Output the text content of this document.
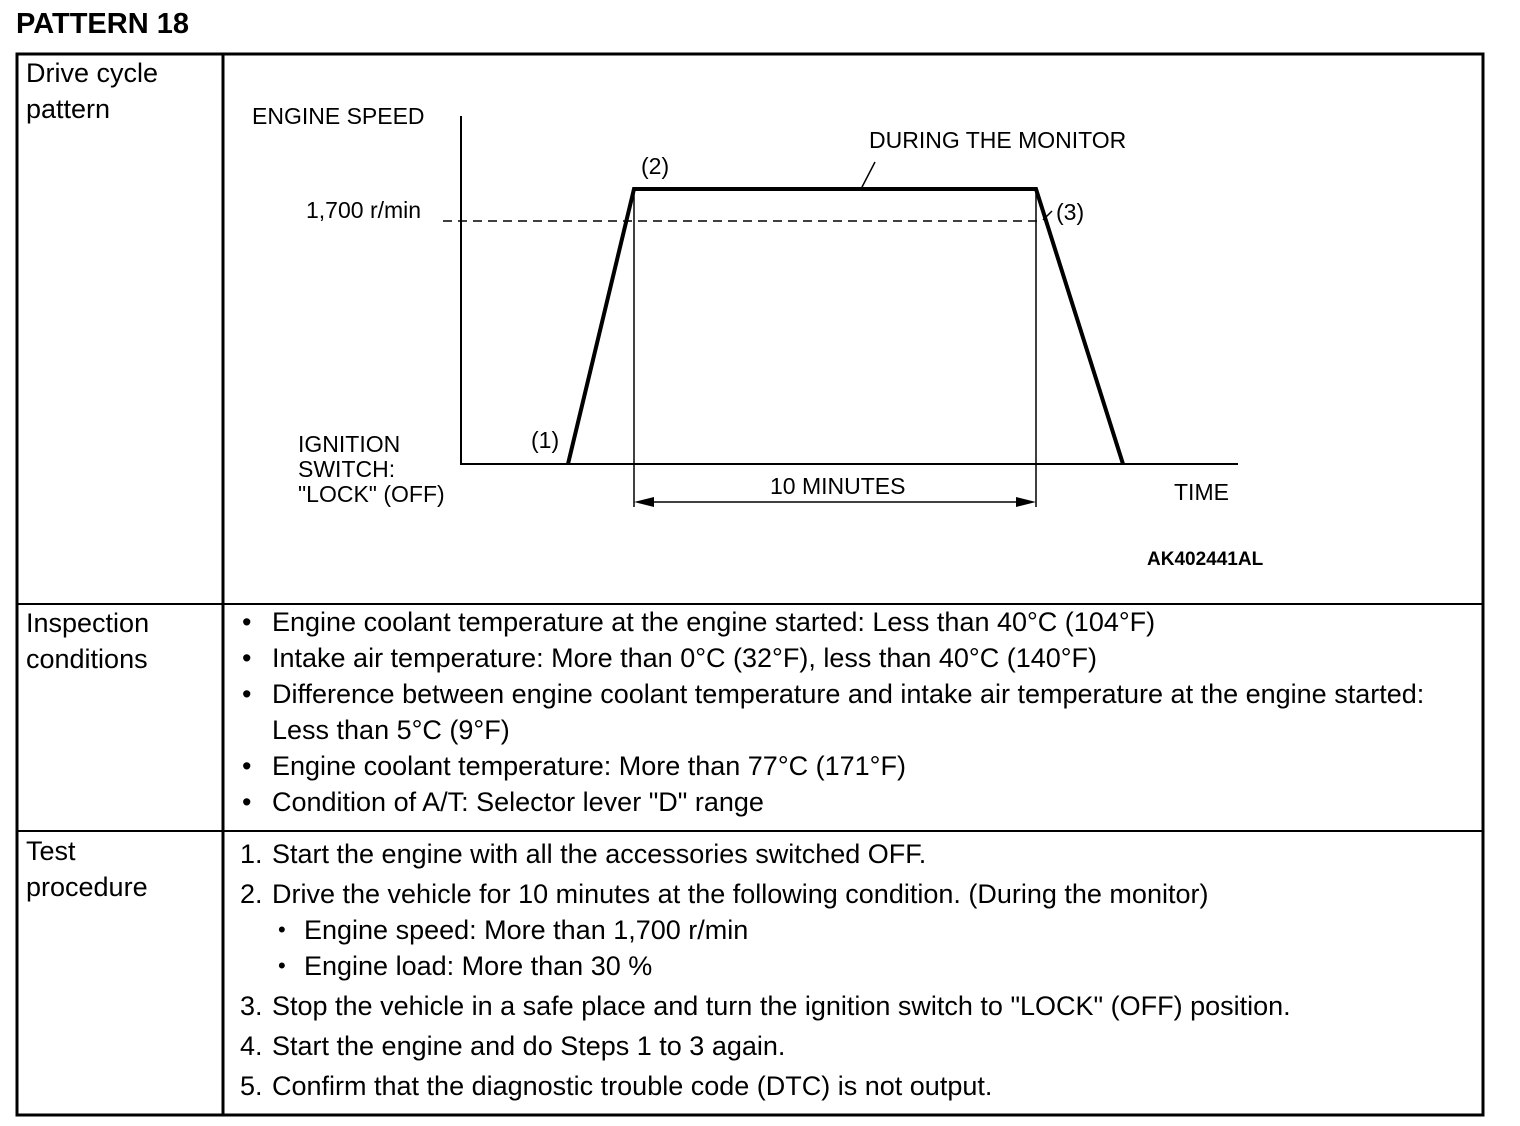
PATTERN 18
Drive cycle
pattern
Inspection
conditions
Test
procedure
ENGINE SPEED
1,700 r/min
IGNITION
SWITCH:
"LOCK" (OFF)
(1)
(2)
(3)
DURING THE MONITOR
10 MINUTES	TIME
AK402441AL
• Engine coolant temperature at the engine started: Less than 40°C (104°F)
• Intake air temperature: More than 0°C (32°F), less than 40°C (140°F)
• Difference between engine coolant temperature and intake air temperature at the engine started: Less than 5°C (9°F)
• Engine coolant temperature: More than 77°C (171°F)
• Condition of A/T: Selector lever "D" range
1. Start the engine with all the accessories switched OFF.
2. Drive the vehicle for 10 minutes at the following condition. (During the monitor)
• Engine speed: More than 1,700 r/min
• Engine load: More than 30 %
3. Stop the vehicle in a safe place and turn the ignition switch to "LOCK" (OFF) position.
4. Start the engine and do Steps 1 to 3 again.
5. Confirm that the diagnostic trouble code (DTC) is not output.
